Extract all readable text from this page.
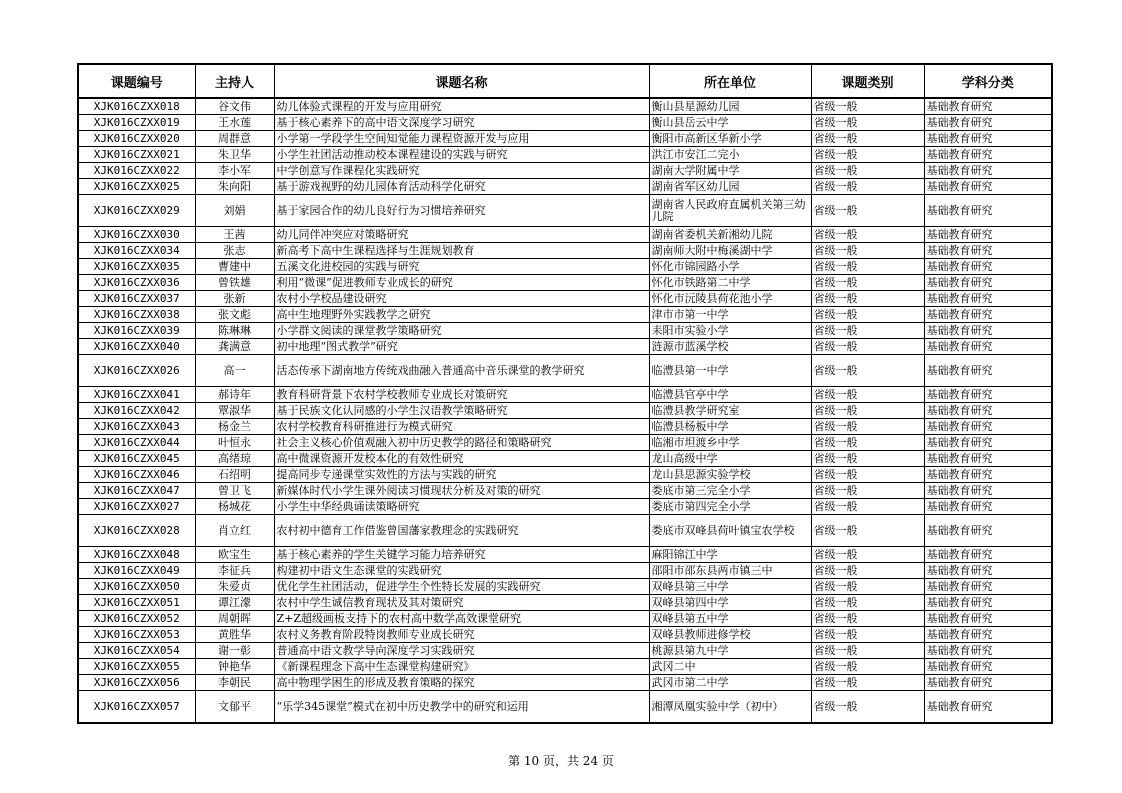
课题编号	主持人	课题名称	所在单位	课题类别	学科分类
XJK016CZXX018	谷文伟	幼儿体验式课程的开发与应用研究	衡山县星源幼儿园	省级一般	基础教育研究
XJK016CZXX019	王水莲	基于核心素养下的高中语文深度学习研究	衡山县岳云中学	省级一般	基础教育研究
XJK016CZXX020	周群意	小学第一学段学生空间知觉能力课程资源开发与应用	衡阳市高新区华新小学	省级一般	基础教育研究
XJK016CZXX021	朱卫华	小学生社团活动推动校本课程建设的实践与研究	洪江市安江二完小	省级一般	基础教育研究
XJK016CZXX022	李小军	中学创意写作课程化实践研究	湖南大学附属中学	省级一般	基础教育研究
XJK016CZXX025	朱向阳	基于游戏视野的幼儿园体育活动科学化研究	湖南省军区幼儿园	省级一般	基础教育研究
XJK016CZXX029	刘娟	基于家园合作的幼儿良好行为习惯培养研究	湖南省人民政府直属机关第三幼儿院	省级一般	基础教育研究
XJK016CZXX030	王茜	幼儿同伴冲突应对策略研究	湖南省委机关新湘幼儿院	省级一般	基础教育研究
XJK016CZXX034	张志	新高考下高中生课程选择与生涯规划教育	湖南师大附中梅溪湖中学	省级一般	基础教育研究
XJK016CZXX035	曹建中	五溪文化进校园的实践与研究	怀化市锦园路小学	省级一般	基础教育研究
XJK016CZXX036	曾铁雄	利用“微课”促进教师专业成长的研究	怀化市铁路第二中学	省级一般	基础教育研究
XJK016CZXX037	张新	农村小学校品建设研究	怀化市沅陵县荷花池小学	省级一般	基础教育研究
XJK016CZXX038	张文彪	高中生地理野外实践教学之研究	津市市第一中学	省级一般	基础教育研究
XJK016CZXX039	陈琳琳	小学群文阅读的课堂教学策略研究	耒阳市实验小学	省级一般	基础教育研究
XJK016CZXX040	龚满意	初中地理“图式教学”研究	涟源市蓝溪学校	省级一般	基础教育研究
XJK016CZXX026	高一	活态传承下湖南地方传统戏曲融入普通高中音乐课堂的教学研究	临澧县第一中学	省级一般	基础教育研究
XJK016CZXX041	郝诗年	教育科研背景下农村学校教师专业成长对策研究	临澧县官亭中学	省级一般	基础教育研究
XJK016CZXX042	覃淑华	基于民族文化认同感的小学生汉语教学策略研究	临澧县教学研究室	省级一般	基础教育研究
XJK016CZXX043	杨金兰	农村学校教育科研推进行为模式研究	临澧县杨板中学	省级一般	基础教育研究
XJK016CZXX044	叶恒永	社会主义核心价值观融入初中历史教学的路径和策略研究	临湘市坦渡乡中学	省级一般	基础教育研究
XJK016CZXX045	高绪琼	高中微课资源开发校本化的有效性研究	龙山高级中学	省级一般	基础教育研究
XJK016CZXX046	石绍明	提高同步专递课堂实效性的方法与实践的研究	龙山县思源实验学校	省级一般	基础教育研究
XJK016CZXX047	曾卫飞	新媒体时代小学生课外阅读习惯现状分析及对策的研究	娄底市第三完全小学	省级一般	基础教育研究
XJK016CZXX027	杨城花	小学生中华经典诵读策略研究	娄底市第四完全小学	省级一般	基础教育研究
XJK016CZXX028	肖立红	农村初中德育工作借鉴曾国藩家教理念的实践研究	娄底市双峰县荷叶镇宝农学校	省级一般	基础教育研究
XJK016CZXX048	欧宝生	基于核心素养的学生关键学习能力培养研究	麻阳锦江中学	省级一般	基础教育研究
XJK016CZXX049	李征兵	构建初中语文生态课堂的实践研究	邵阳市邵东县两市镇三中	省级一般	基础教育研究
XJK016CZXX050	朱爱贞	优化学生社团活动，促进学生个性特长发展的实践研究	双峰县第三中学	省级一般	基础教育研究
XJK016CZXX051	谭江濛	农村中学生诚信教育现状及其对策研究	双峰县第四中学	省级一般	基础教育研究
XJK016CZXX052	周朝晖	Z+Z超级画板支持下的农村高中数学高效课堂研究	双峰县第五中学	省级一般	基础教育研究
XJK016CZXX053	黄胜华	农村义务教育阶段特岗教师专业成长研究	双峰县教师进修学校	省级一般	基础教育研究
XJK016CZXX054	谢一彰	普通高中语文教学导向深度学习实践研究	桃源县第九中学	省级一般	基础教育研究
XJK016CZXX055	钟艳华	《新课程理念下高中生态课堂构建研究》	武冈二中	省级一般	基础教育研究
XJK016CZXX056	李朝民	高中物理学困生的形成及教育策略的探究	武冈市第二中学	省级一般	基础教育研究
XJK016CZXX057	文郁平	“乐学345课堂”模式在初中历史教学中的研究和运用	湘潭凤凰实验中学（初中）	省级一般	基础教育研究
第 10 页，共 24 页
